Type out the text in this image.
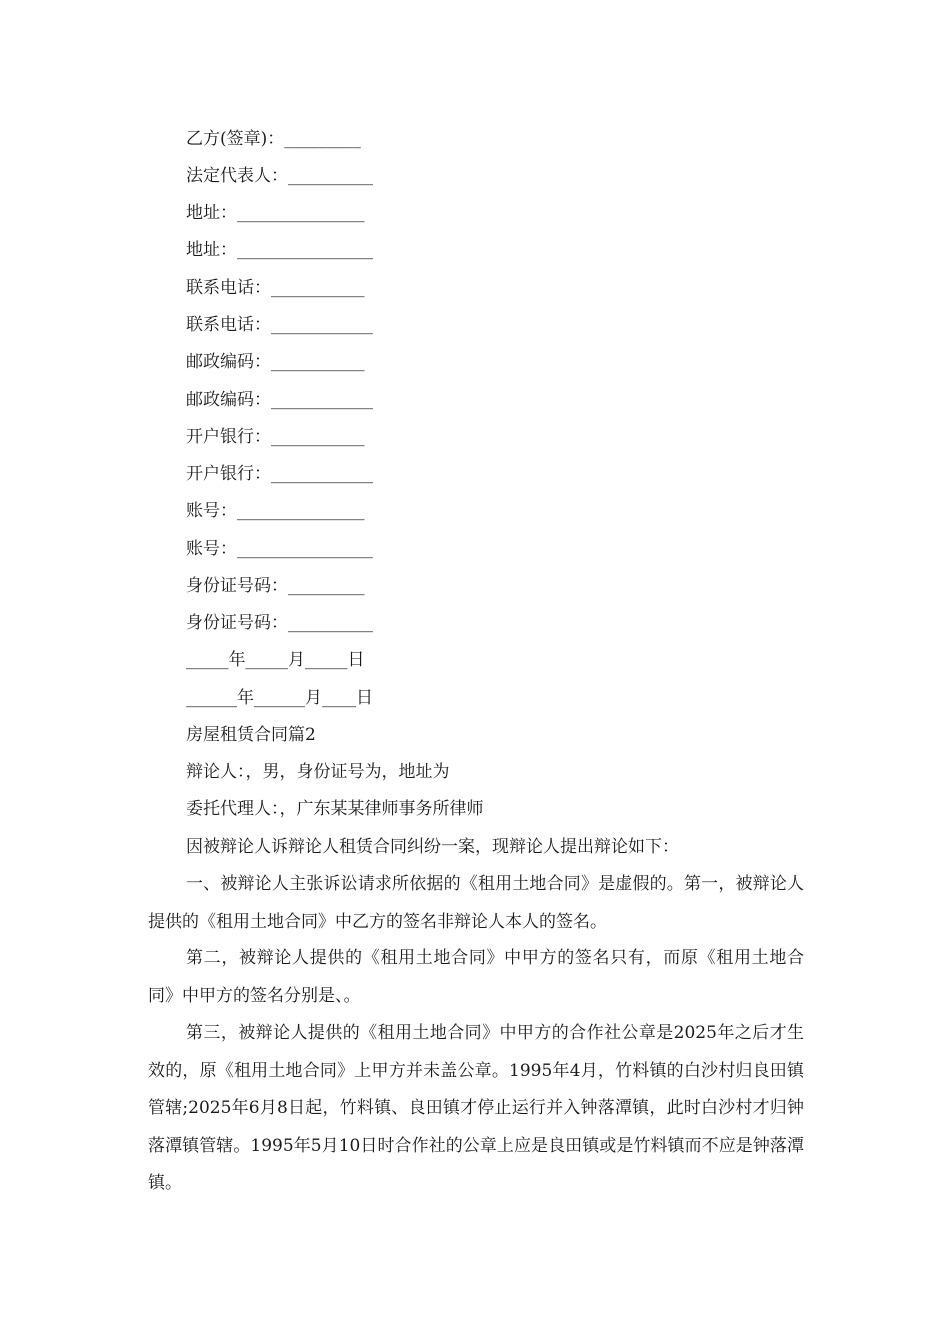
乙方(签章)：_________
法定代表人：__________
地址：_______________
地址：________________
联系电话：___________
联系电话：____________
邮政编码：___________
邮政编码：____________
开户银行：___________
开户银行：____________
账号：_______________
账号：________________
身份证号码：_________
身份证号码：__________
_____年_____月_____日
______年______月____日
房屋租赁合同篇2
辩论人：，男，身份证号为，地址为
委托代理人：，广东某某律师事务所律师
因被辩论人诉辩论人租赁合同纠纷一案，现辩论人提出辩论如下：
一、被辩论人主张诉讼请求所依据的《租用土地合同》是虚假的。第一，被辩论人提供的《租用土地合同》中乙方的签名非辩论人本人的签名。
第二，被辩论人提供的《租用土地合同》中甲方的签名只有，而原《租用土地合同》中甲方的签名分别是、。
第三，被辩论人提供的《租用土地合同》中甲方的合作社公章是2025年之后才生效的，原《租用土地合同》上甲方并未盖公章。1995年4月，竹料镇的白沙村归良田镇管辖;2025年6月8日起，竹料镇、良田镇才停止运行并入钟落潭镇，此时白沙村才归钟落潭镇管辖。1995年5月10日时合作社的公章上应是良田镇或是竹料镇而不应是钟落潭镇。
